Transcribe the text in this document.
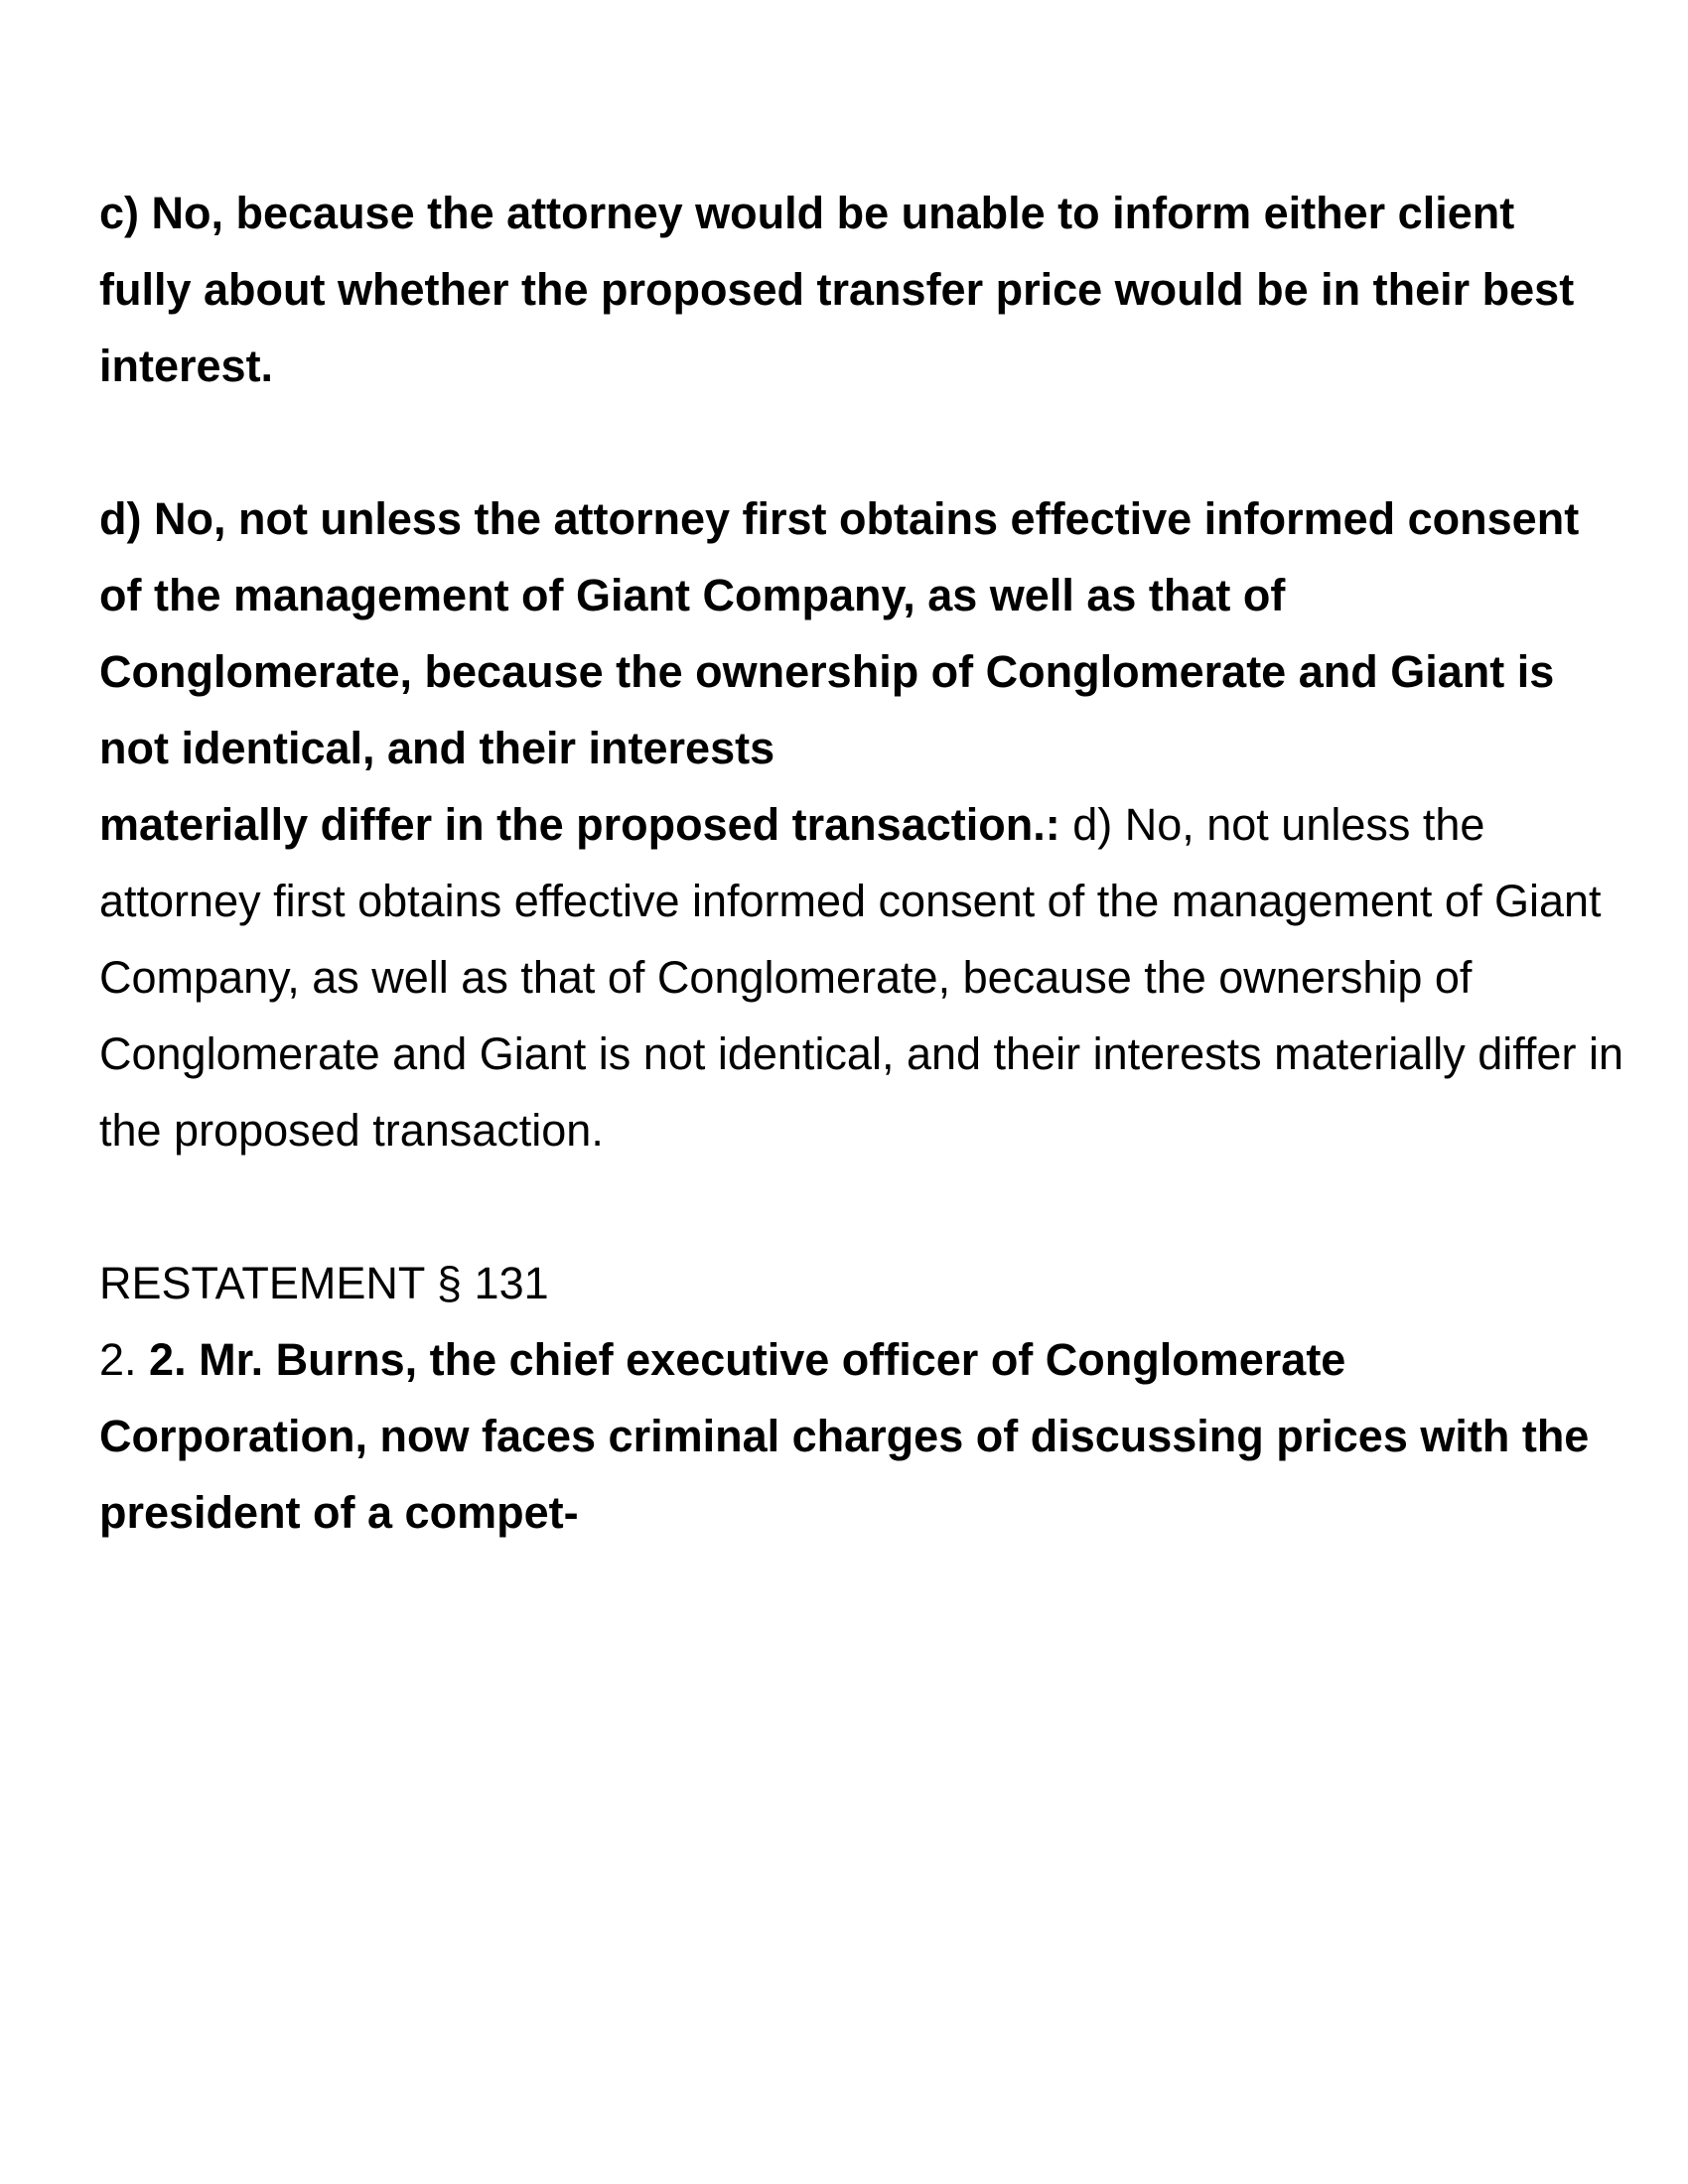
c) No, because the attorney would be unable to inform either client fully about whether the proposed transfer price would be in their best interest.

d) No, not unless the attorney first obtains effective informed consent of the management of Giant Company, as well as that of Conglomerate, because the ownership of Conglomerate and Giant is not identical, and their interests

materially differ in the proposed transaction.: d) No, not unless the attorney first obtains effective informed consent of the management of Giant Company, as well as that of Conglomerate, because the ownership of Conglomerate and Giant is not identical, and their interests materially differ in the proposed transaction.

RESTATEMENT § 131

2. 2. Mr. Burns, the chief executive officer of Conglomerate Corporation, now faces criminal charges of discussing prices with the president of a compet-
